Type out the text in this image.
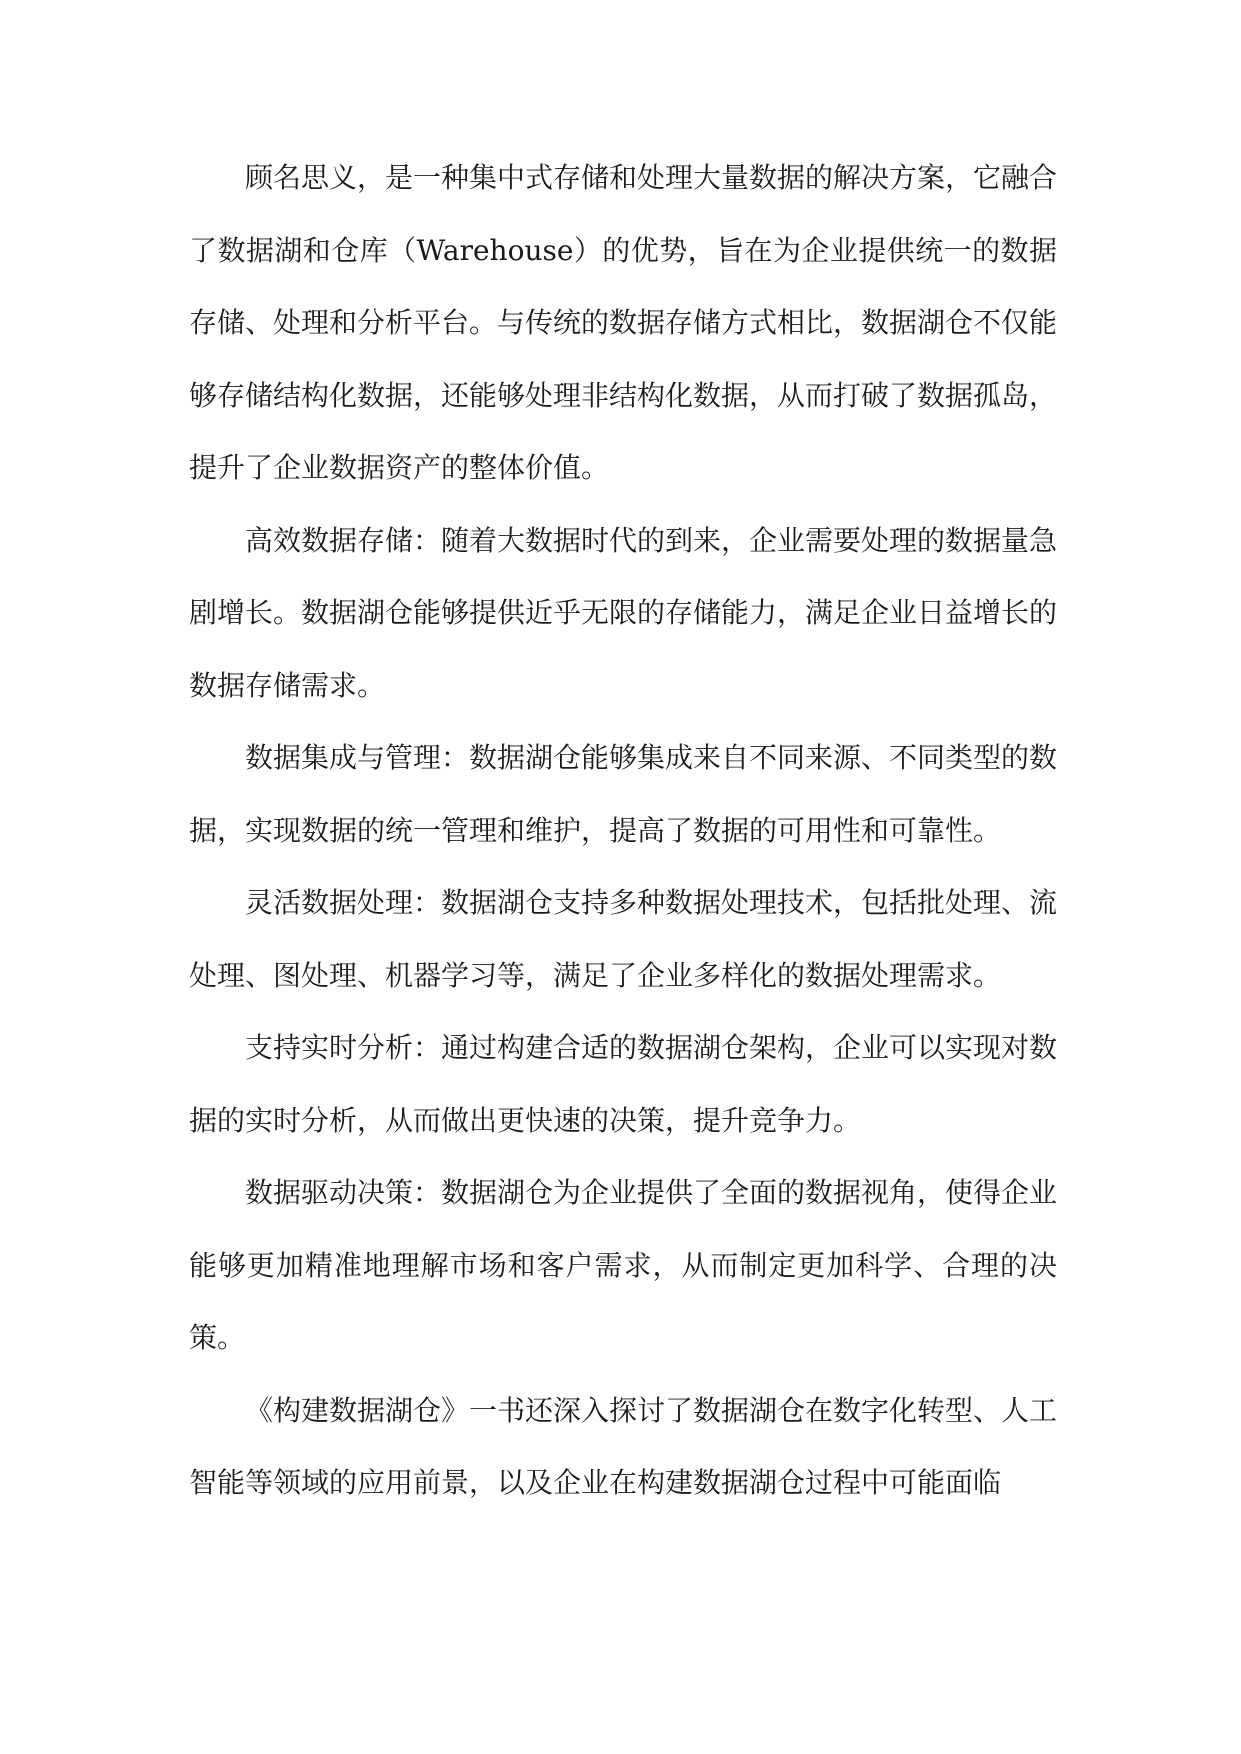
顾名思义，是一种集中式存储和处理大量数据的解决方案，它融合了数据湖和仓库（Warehouse）的优势，旨在为企业提供统一的数据存储、处理和分析平台。与传统的数据存储方式相比，数据湖仓不仅能够存储结构化数据，还能够处理非结构化数据，从而打破了数据孤岛，提升了企业数据资产的整体价值。

高效数据存储：随着大数据时代的到来，企业需要处理的数据量急剧增长。数据湖仓能够提供近乎无限的存储能力，满足企业日益增长的数据存储需求。

数据集成与管理：数据湖仓能够集成来自不同来源、不同类型的数据，实现数据的统一管理和维护，提高了数据的可用性和可靠性。

灵活数据处理：数据湖仓支持多种数据处理技术，包括批处理、流处理、图处理、机器学习等，满足了企业多样化的数据处理需求。

支持实时分析：通过构建合适的数据湖仓架构，企业可以实现对数据的实时分析，从而做出更快速的决策，提升竞争力。

数据驱动决策：数据湖仓为企业提供了全面的数据视角，使得企业能够更加精准地理解市场和客户需求，从而制定更加科学、合理的决策。

《构建数据湖仓》一书还深入探讨了数据湖仓在数字化转型、人工智能等领域的应用前景，以及企业在构建数据湖仓过程中可能面临
